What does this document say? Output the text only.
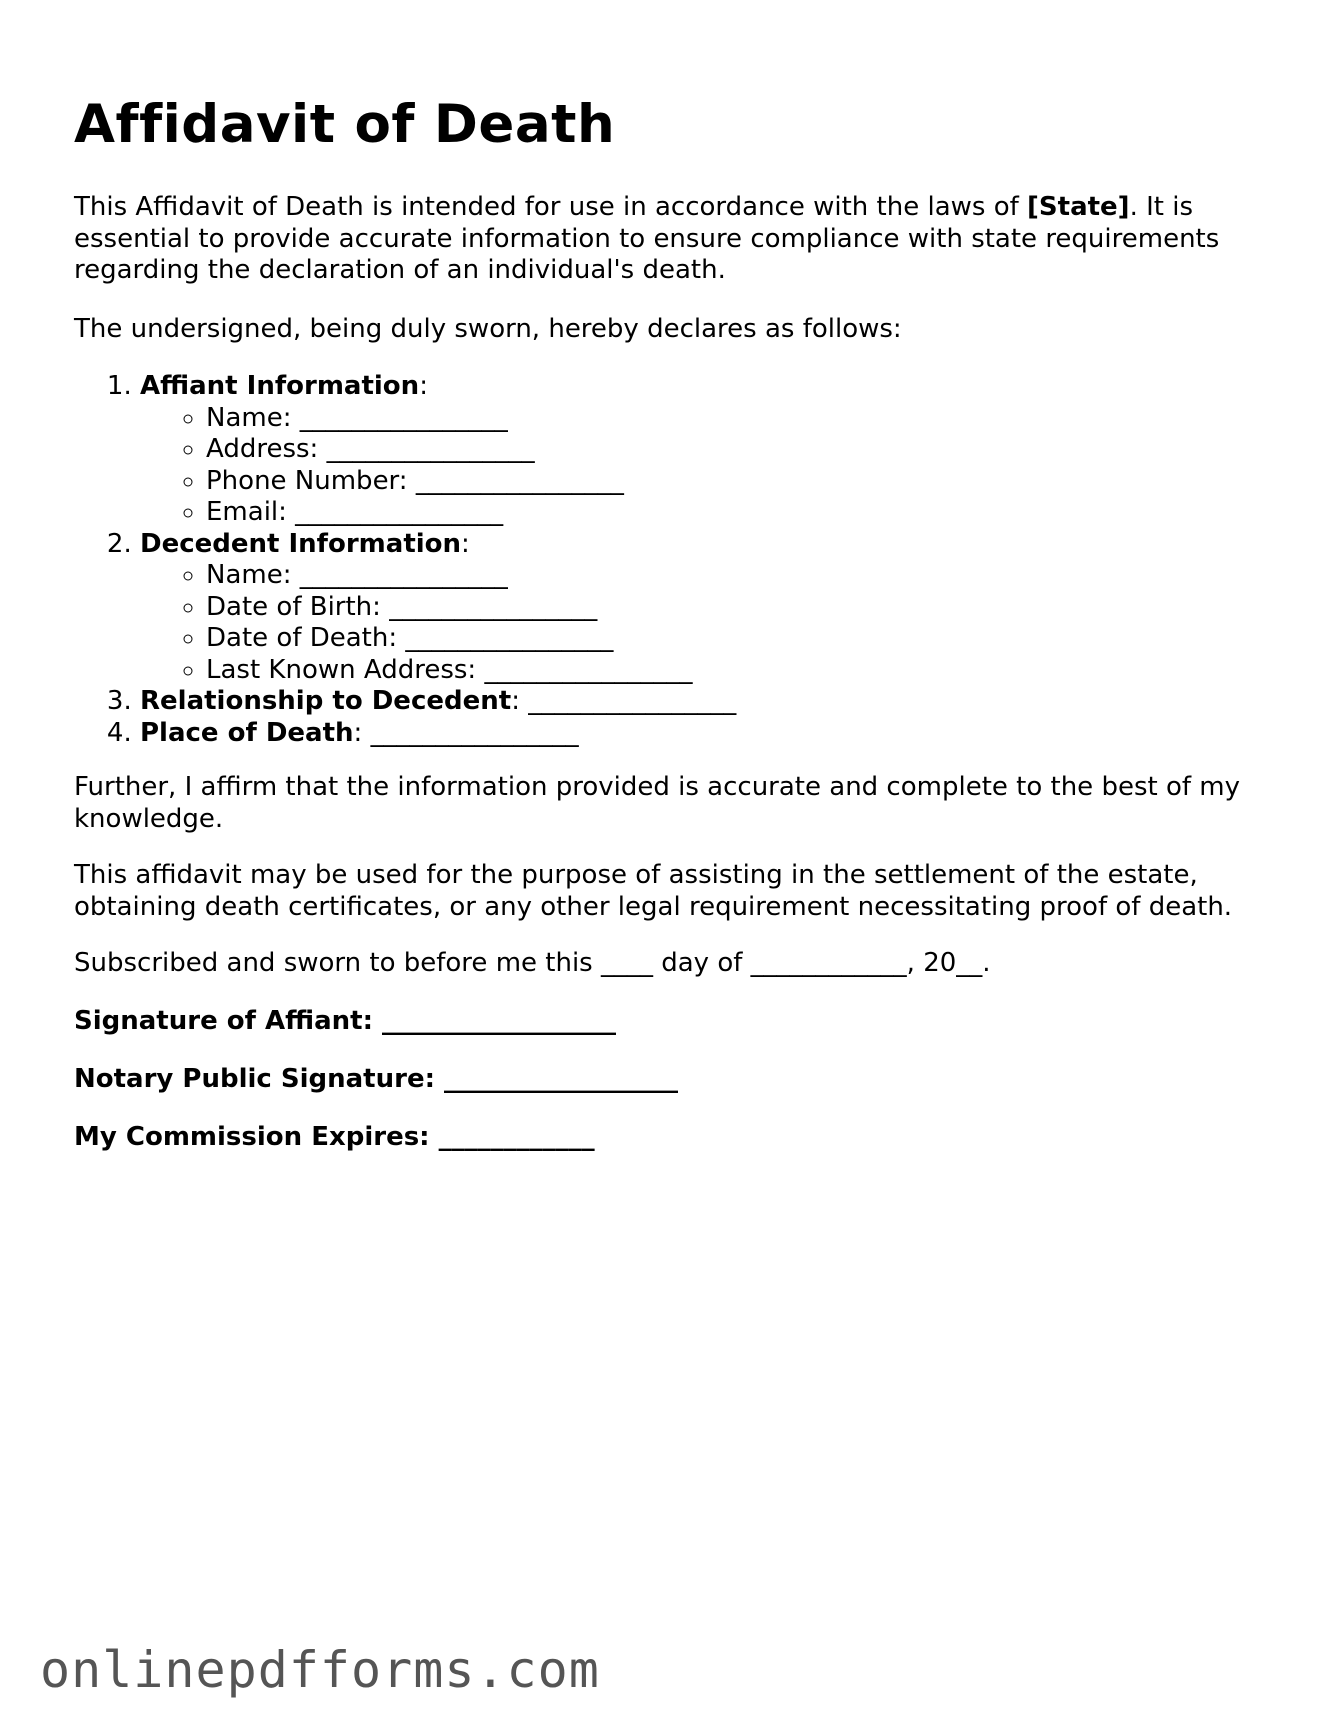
Affidavit of Death

This Affidavit of Death is intended for use in accordance with the laws of [State]. It is essential to provide accurate information to ensure compliance with state requirements regarding the declaration of an individual's death.

The undersigned, being duly sworn, hereby declares as follows:

1. Affiant Information:
◦ Name: ________________
◦ Address: ________________
◦ Phone Number: ________________
◦ Email: ________________
2. Decedent Information:
◦ Name: ________________
◦ Date of Birth: ________________
◦ Date of Death: ________________
◦ Last Known Address: ________________
3. Relationship to Decedent: ________________
4. Place of Death: ________________

Further, I affirm that the information provided is accurate and complete to the best of my knowledge.

This affidavit may be used for the purpose of assisting in the settlement of the estate, obtaining death certificates, or any other legal requirement necessitating proof of death.

Subscribed and sworn to before me this ____ day of ____________, 20__.

Signature of Affiant: __________________

Notary Public Signature: __________________

My Commission Expires: ____________

onlinepdfforms.com
